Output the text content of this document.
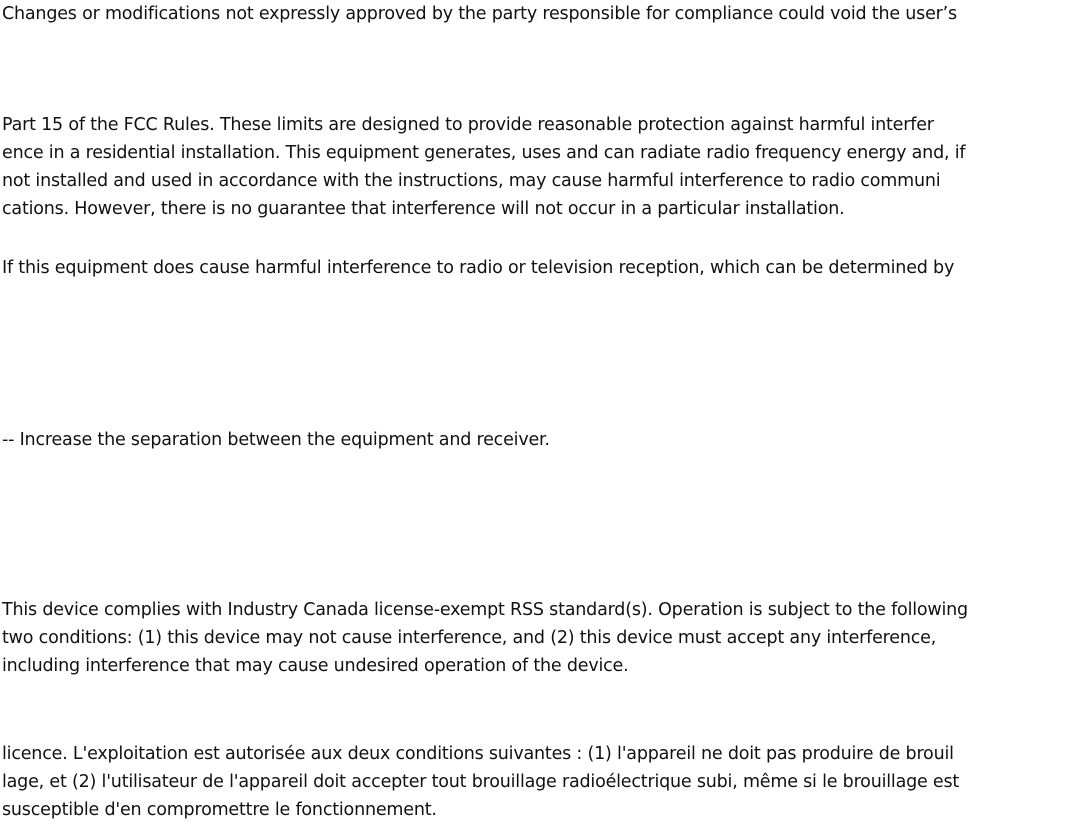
Changes or modifications not expressly approved by the party responsible for compliance could void the user’s
Part 15 of the FCC Rules. These limits are designed to provide reasonable protection against harmful interfer
ence in a residential installation. This equipment generates, uses and can radiate radio frequency energy and, if
not installed and used in accordance with the instructions, may cause harmful interference to radio communi
cations. However, there is no guarantee that interference will not occur in a particular installation.
If this equipment does cause harmful interference to radio or television reception, which can be determined by
-- Increase the separation between the equipment and receiver.
This device complies with Industry Canada license-exempt RSS standard(s). Operation is subject to the following
two conditions: (1) this device may not cause interference, and (2) this device must accept any interference,
including interference that may cause undesired operation of the device.
licence. L'exploitation est autorisée aux deux conditions suivantes : (1) l'appareil ne doit pas produire de brouil
lage, et (2) l'utilisateur de l'appareil doit accepter tout brouillage radioélectrique subi, même si le brouillage est
susceptible d'en compromettre le fonctionnement.
